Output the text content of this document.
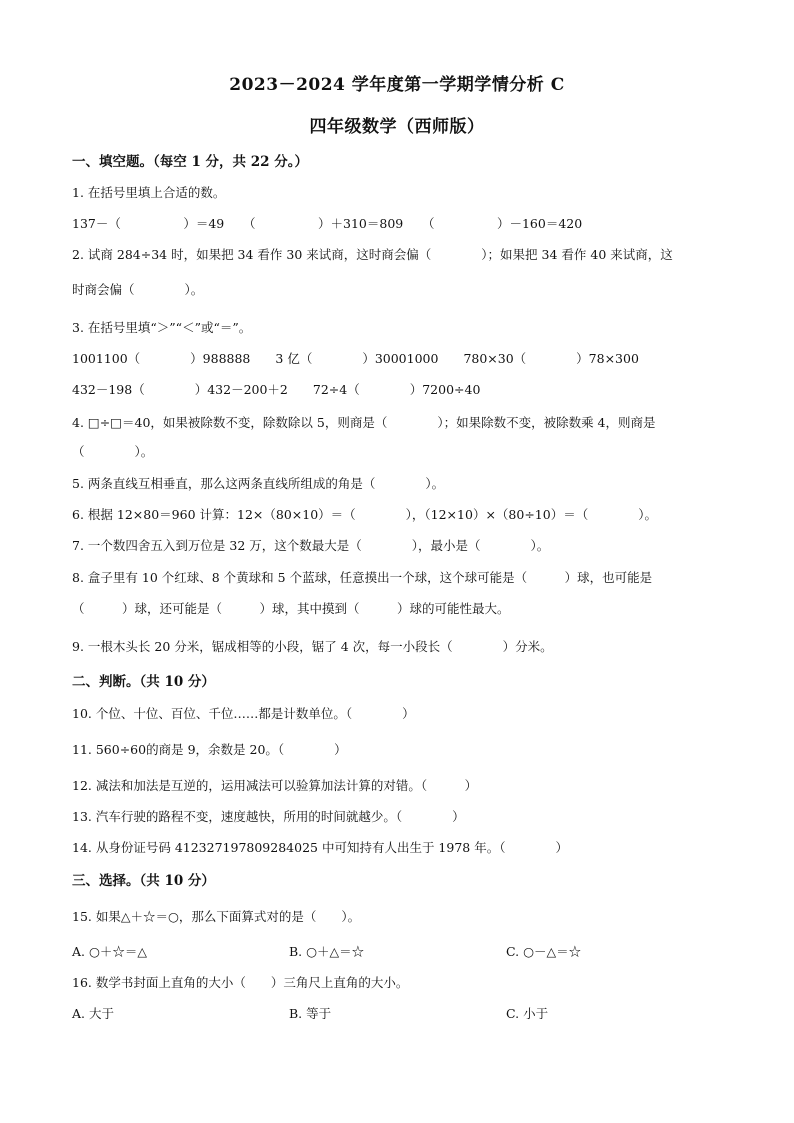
2023－2024 学年度第一学期学情分析 C
四年级数学（西师版）
一、填空题。（每空 1 分，共 22 分。）
1. 在括号里填上合适的数。
137－（　　　　　）＝49　　（　　　　　）＋310＝809　　（　　　　　）－160＝420
2. 试商 284÷34 时，如果把 34 看作 30 来试商，这时商会偏（　　　　）；如果把 34 看作 40 来试商，这
时商会偏（　　　　）。
3. 在括号里填“＞”“＜”或“＝”。
1001100（　　　　）988888　　3 亿（　　　　）30001000　　780×30（　　　　）78×300
432－198（　　　　）432－200＋2　　72÷4（　　　　）7200÷40
4. □÷□＝40，如果被除数不变，除数除以 5，则商是（　　　　）；如果除数不变，被除数乘 4，则商是
（　　　　）。
5. 两条直线互相垂直，那么这两条直线所组成的角是（　　　　）。
6. 根据 12×80＝960 计算：12×（80×10）＝（　　　　），（12×10）×（80÷10）＝（　　　　）。
7. 一个数四舍五入到万位是 32 万，这个数最大是（　　　　），最小是（　　　　）。
8. 盒子里有 10 个红球、8 个黄球和 5 个蓝球，任意摸出一个球，这个球可能是（　　　）球，也可能是
（　　　）球，还可能是（　　　）球，其中摸到（　　　）球的可能性最大。
9. 一根木头长 20 分米，锯成相等的小段，锯了 4 次，每一小段长（　　　　）分米。
二、判断。（共 10 分）
10. 个位、十位、百位、千位……都是计数单位。（　　　　）
11. 560÷60的商是 9，余数是 20。（　　　　）
12. 减法和加法是互逆的，运用减法可以验算加法计算的对错。（　　　）
13. 汽车行驶的路程不变，速度越快，所用的时间就越少。（　　　　）
14. 从身份证号码 412327197809284025 中可知持有人出生于 1978 年。（　　　　）
三、选择。（共 10 分）
15. 如果△＋☆＝○，那么下面算式对的是（　　）。
A. ○＋☆＝△	B. ○＋△＝☆	C. ○－△＝☆
16. 数学书封面上直角的大小（　　）三角尺上直角的大小。
A. 大于	B. 等于	C. 小于
